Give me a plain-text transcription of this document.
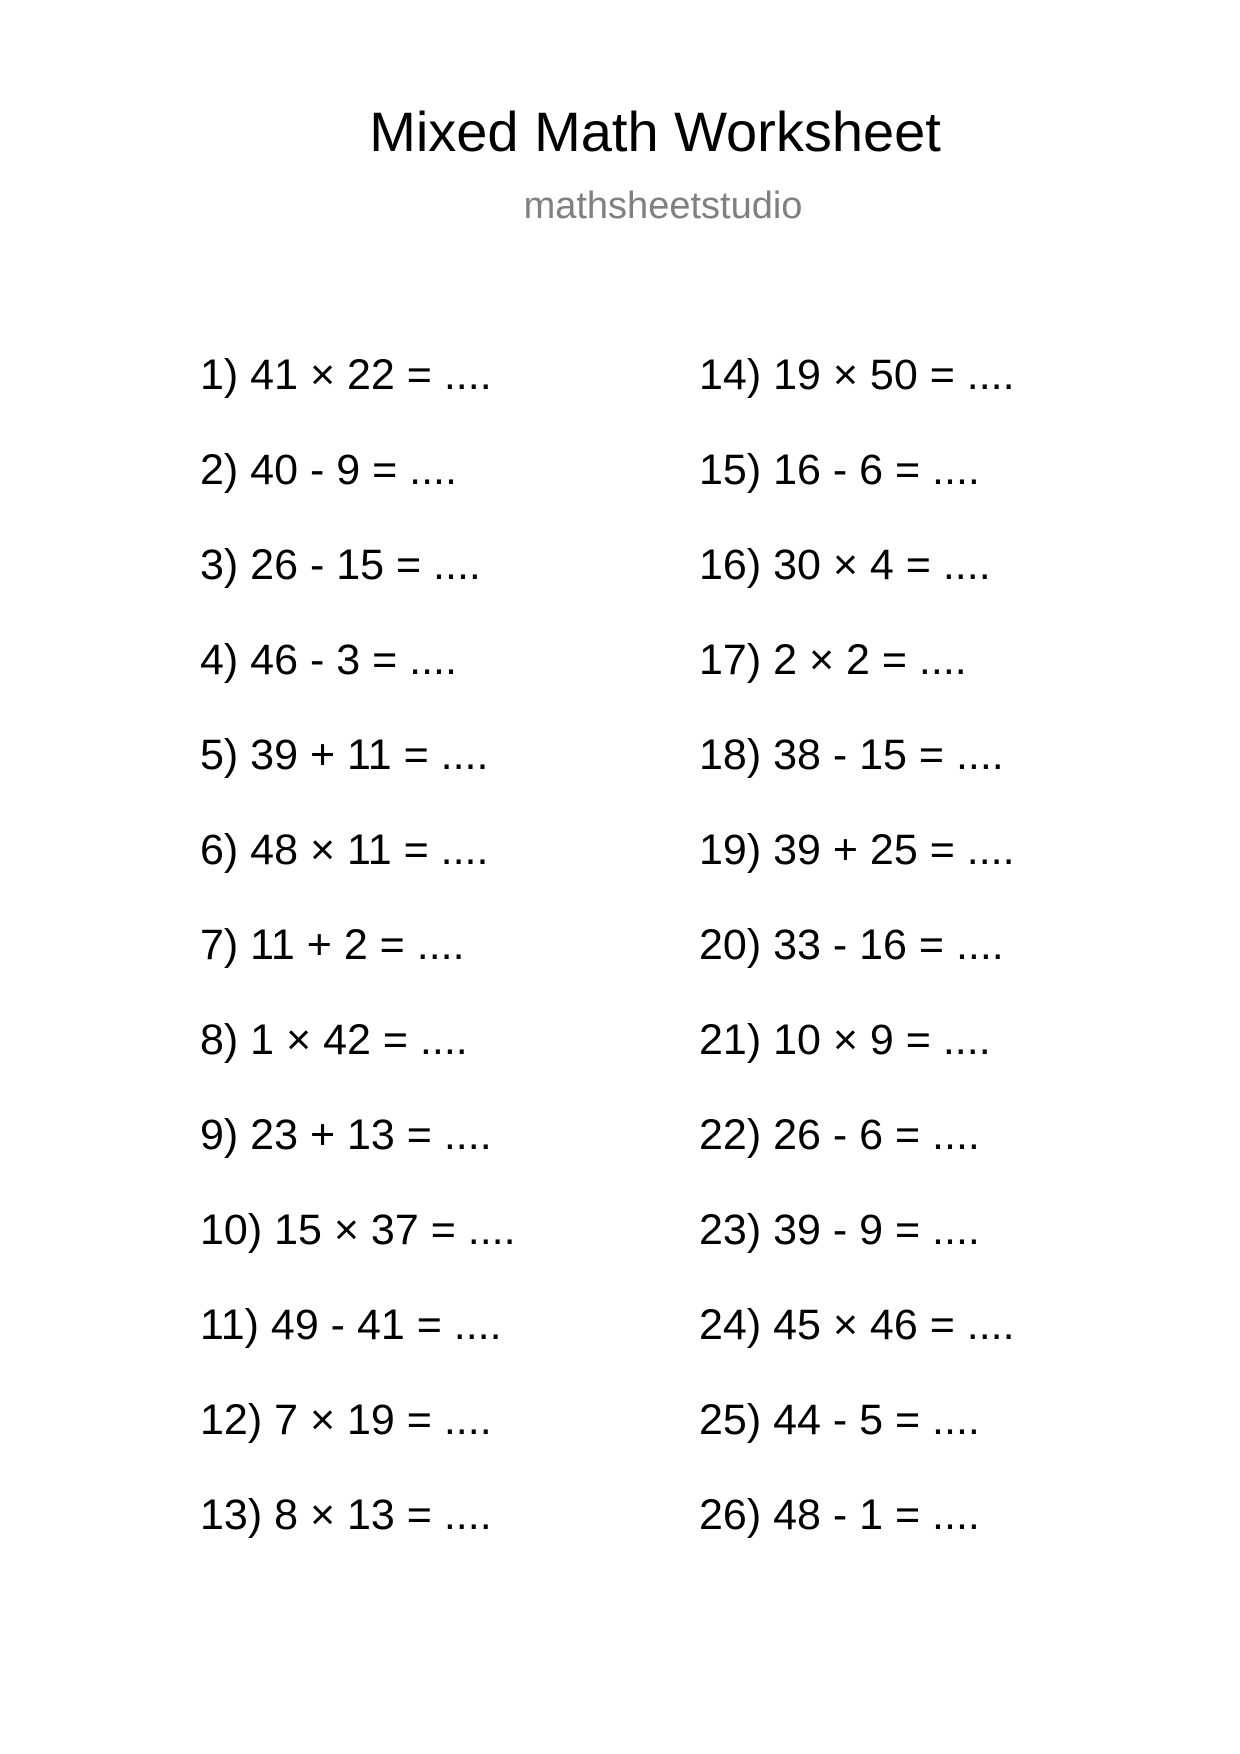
Mixed Math Worksheet
mathsheetstudio
1) 41 × 22 = ....
2) 40 - 9 = ....
3) 26 - 15 = ....
4) 46 - 3 = ....
5) 39 + 11 = ....
6) 48 × 11 = ....
7) 11 + 2 = ....
8) 1 × 42 = ....
9) 23 + 13 = ....
10) 15 × 37 = ....
11) 49 - 41 = ....
12) 7 × 19 = ....
13) 8 × 13 = ....
14) 19 × 50 = ....
15) 16 - 6 = ....
16) 30 × 4 = ....
17) 2 × 2 = ....
18) 38 - 15 = ....
19) 39 + 25 = ....
20) 33 - 16 = ....
21) 10 × 9 = ....
22) 26 - 6 = ....
23) 39 - 9 = ....
24) 45 × 46 = ....
25) 44 - 5 = ....
26) 48 - 1 = ....
